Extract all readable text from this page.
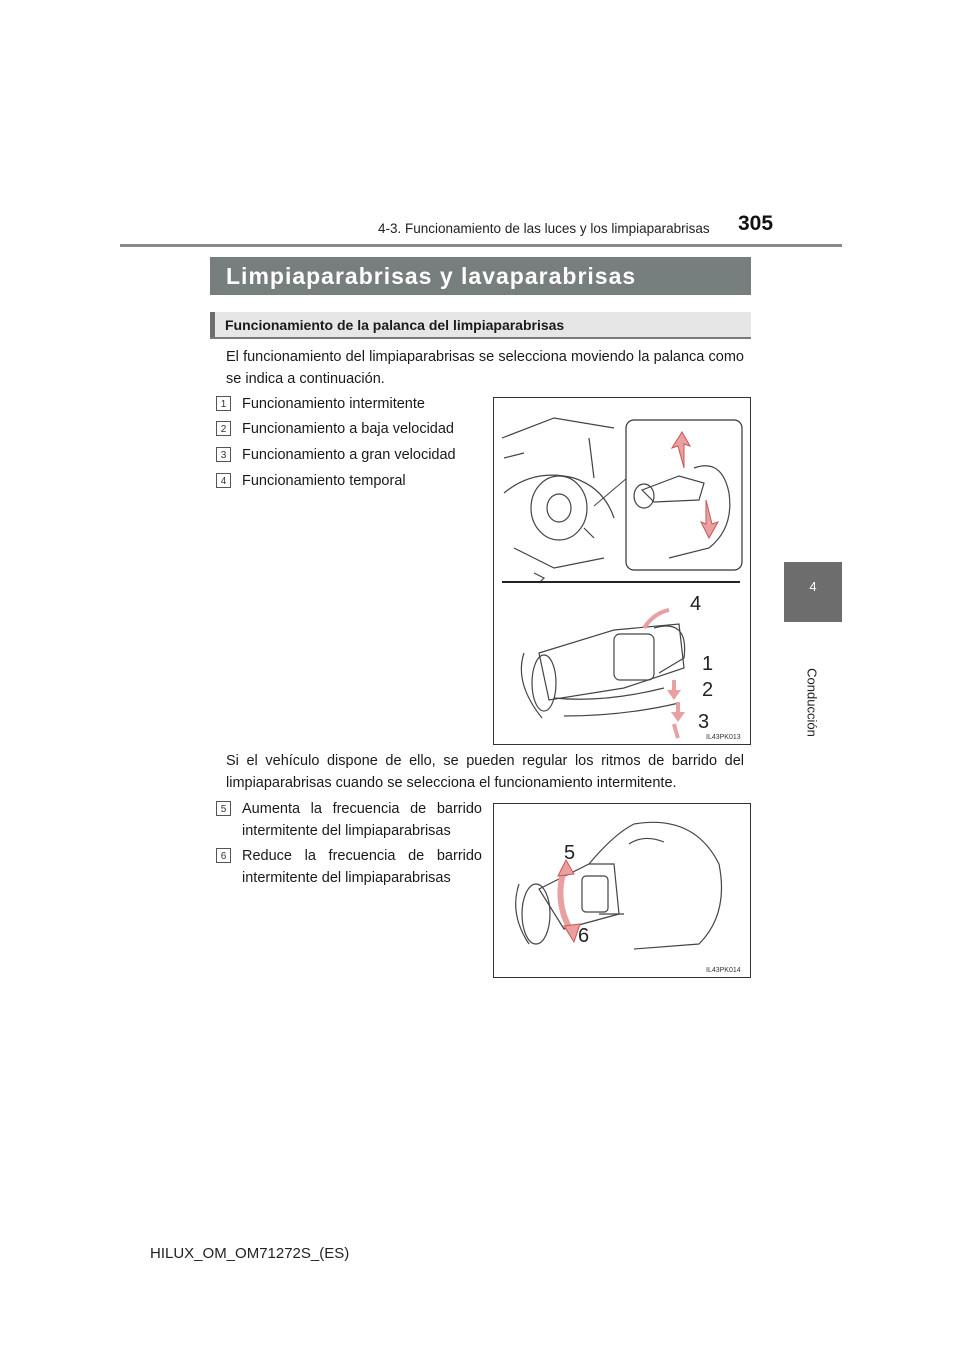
4-3. Funcionamiento de las luces y los limpiaparabrisas 305
4
Conducción
Limpiaparabrisas y lavaparabrisas
Funcionamiento de la palanca del limpiaparabrisas
El funcionamiento del limpiaparabrisas se selecciona moviendo la palanca como se indica a continuación.
1	Funcionamiento intermitente
2	Funcionamiento a baja velocidad
3	Funcionamiento a gran velocidad
4	Funcionamiento temporal
4
1
2
3
IL43PK013
Si el vehículo dispone de ello, se pueden regular los ritmos de barrido del limpiaparabrisas cuando se selecciona el funcionamiento intermitente.
5	Aumenta la frecuencia de barrido intermitente del limpiaparabrisas
6	Reduce la frecuencia de barrido intermitente del limpiaparabrisas
5
6
IL43PK014
HILUX_OM_OM71272S_(ES)
